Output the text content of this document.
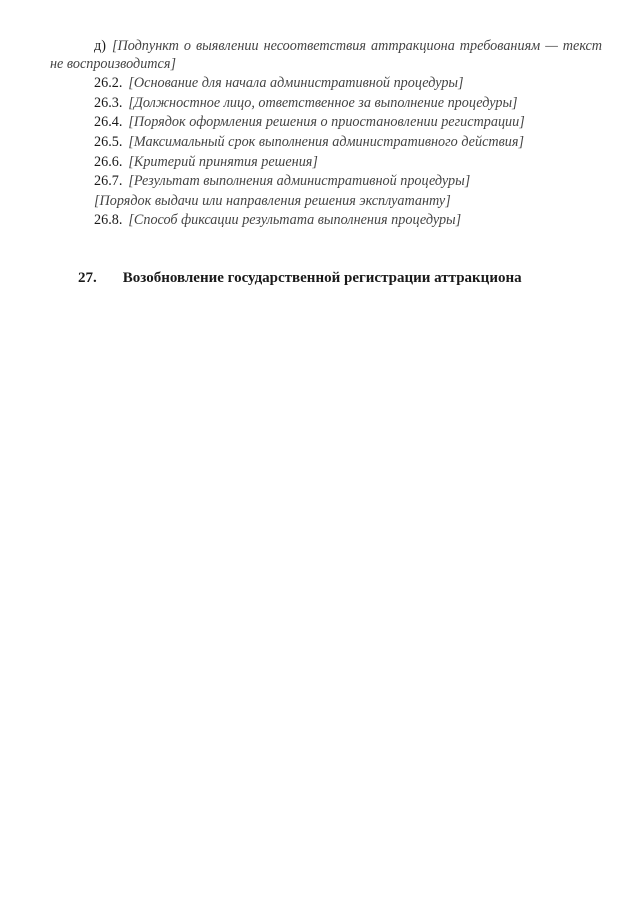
д) [Подпункт о выявлении несоответствия аттракциона требованиям — текст не воспроизводится]

26.2. [Основание для начала административной процедуры]

26.3. [Должностное лицо, ответственное за выполнение процедуры]

26.4. [Порядок оформления решения о приостановлении регистрации]

26.5. [Максимальный срок выполнения административного действия]

26.6. [Критерий принятия решения]

26.7. [Результат выполнения административной процедуры]

[Порядок выдачи или направления решения эксплуатанту]

26.8. [Способ фиксации результата выполнения процедуры]

27. Возобновление государственной регистрации аттракциона
